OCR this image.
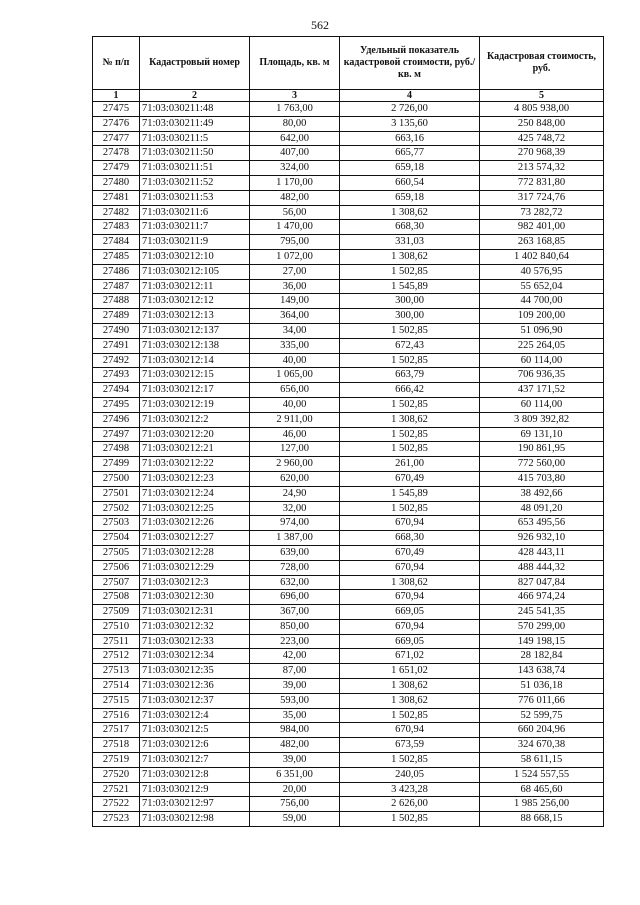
562
№ п/п	Кадастровый номер	Площадь, кв. м	Удельный показатель кадастровой стоимости, руб./кв. м	Кадастровая стоимость, руб.
1	2	3	4	5
27475	71:03:030211:48	1 763,00	2 726,00	4 805 938,00
27476	71:03:030211:49	80,00	3 135,60	250 848,00
27477	71:03:030211:5	642,00	663,16	425 748,72
27478	71:03:030211:50	407,00	665,77	270 968,39
27479	71:03:030211:51	324,00	659,18	213 574,32
27480	71:03:030211:52	1 170,00	660,54	772 831,80
27481	71:03:030211:53	482,00	659,18	317 724,76
27482	71:03:030211:6	56,00	1 308,62	73 282,72
27483	71:03:030211:7	1 470,00	668,30	982 401,00
27484	71:03:030211:9	795,00	331,03	263 168,85
27485	71:03:030212:10	1 072,00	1 308,62	1 402 840,64
27486	71:03:030212:105	27,00	1 502,85	40 576,95
27487	71:03:030212:11	36,00	1 545,89	55 652,04
27488	71:03:030212:12	149,00	300,00	44 700,00
27489	71:03:030212:13	364,00	300,00	109 200,00
27490	71:03:030212:137	34,00	1 502,85	51 096,90
27491	71:03:030212:138	335,00	672,43	225 264,05
27492	71:03:030212:14	40,00	1 502,85	60 114,00
27493	71:03:030212:15	1 065,00	663,79	706 936,35
27494	71:03:030212:17	656,00	666,42	437 171,52
27495	71:03:030212:19	40,00	1 502,85	60 114,00
27496	71:03:030212:2	2 911,00	1 308,62	3 809 392,82
27497	71:03:030212:20	46,00	1 502,85	69 131,10
27498	71:03:030212:21	127,00	1 502,85	190 861,95
27499	71:03:030212:22	2 960,00	261,00	772 560,00
27500	71:03:030212:23	620,00	670,49	415 703,80
27501	71:03:030212:24	24,90	1 545,89	38 492,66
27502	71:03:030212:25	32,00	1 502,85	48 091,20
27503	71:03:030212:26	974,00	670,94	653 495,56
27504	71:03:030212:27	1 387,00	668,30	926 932,10
27505	71:03:030212:28	639,00	670,49	428 443,11
27506	71:03:030212:29	728,00	670,94	488 444,32
27507	71:03:030212:3	632,00	1 308,62	827 047,84
27508	71:03:030212:30	696,00	670,94	466 974,24
27509	71:03:030212:31	367,00	669,05	245 541,35
27510	71:03:030212:32	850,00	670,94	570 299,00
27511	71:03:030212:33	223,00	669,05	149 198,15
27512	71:03:030212:34	42,00	671,02	28 182,84
27513	71:03:030212:35	87,00	1 651,02	143 638,74
27514	71:03:030212:36	39,00	1 308,62	51 036,18
27515	71:03:030212:37	593,00	1 308,62	776 011,66
27516	71:03:030212:4	35,00	1 502,85	52 599,75
27517	71:03:030212:5	984,00	670,94	660 204,96
27518	71:03:030212:6	482,00	673,59	324 670,38
27519	71:03:030212:7	39,00	1 502,85	58 611,15
27520	71:03:030212:8	6 351,00	240,05	1 524 557,55
27521	71:03:030212:9	20,00	3 423,28	68 465,60
27522	71:03:030212:97	756,00	2 626,00	1 985 256,00
27523	71:03:030212:98	59,00	1 502,85	88 668,15
